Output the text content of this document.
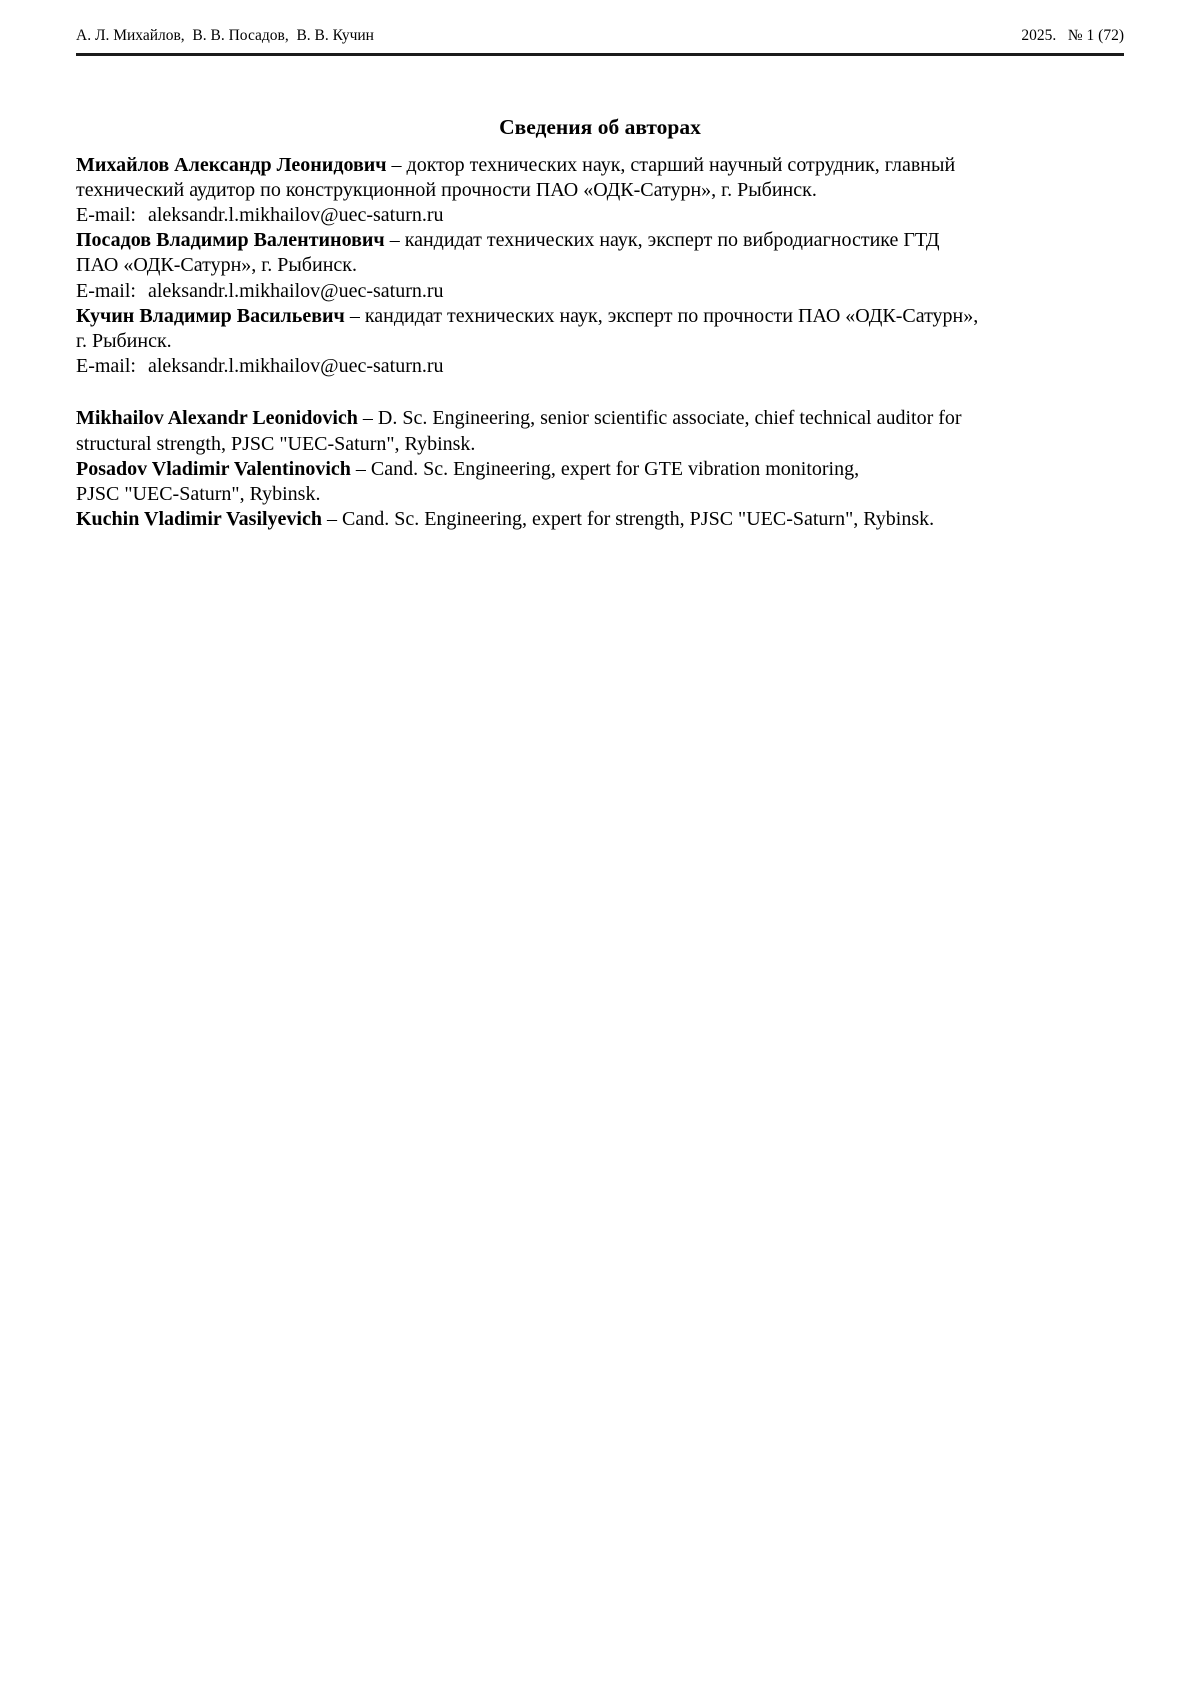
А. Л. Михайлов,  В. В. Посадов,  В. В. Кучин	2025.   № 1 (72)
Сведения об авторах

Михайлов Александр Леонидович – доктор технических наук, старший научный сотрудник, главный
технический аудитор по конструкционной прочности ПАО «ОДК-Сатурн», г. Рыбинск.

E-mail: aleksandr.l.mikhailov@uec-saturn.ru

Посадов Владимир Валентинович – кандидат технических наук, эксперт по вибродиагностике ГТД
ПАО «ОДК-Сатурн», г. Рыбинск.

E-mail: aleksandr.l.mikhailov@uec-saturn.ru

Кучин Владимир Васильевич – кандидат технических наук, эксперт по прочности ПАО «ОДК-Сатурн»,
г. Рыбинск.

E-mail: aleksandr.l.mikhailov@uec-saturn.ru

Mikhailov Alexandr Leonidovich – D. Sc. Engineering, senior scientific associate, chief technical auditor for
structural strength, PJSC "UEC-Saturn", Rybinsk.

Posadov Vladimir Valentinovich – Cand. Sc. Engineering, expert for GTE vibration monitoring,
PJSC "UEC-Saturn", Rybinsk.

Kuchin Vladimir Vasilyevich – Cand. Sc. Engineering, expert for strength, PJSC "UEC-Saturn", Rybinsk.
